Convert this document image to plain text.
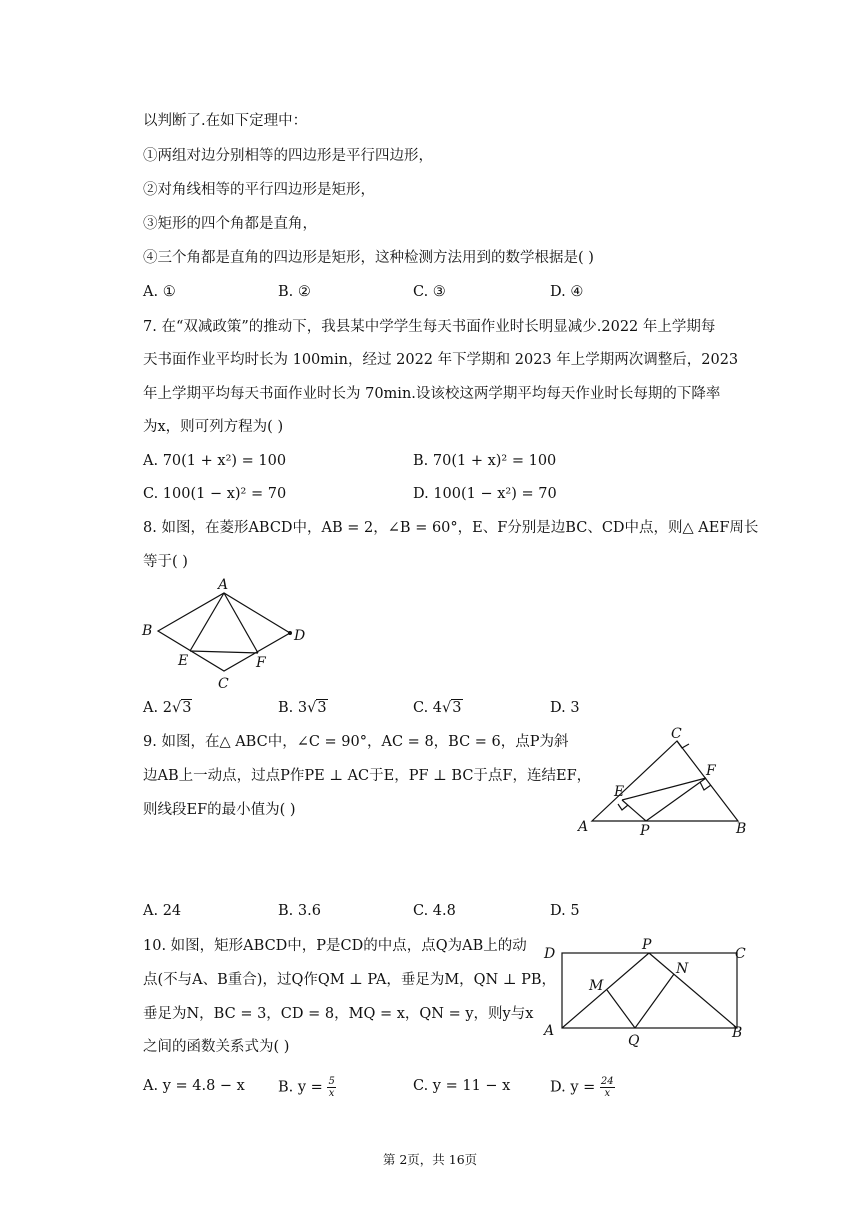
以判断了.在如下定理中：
①两组对边分别相等的四边形是平行四边形，
②对角线相等的平行四边形是矩形，
③矩形的四个角都是直角，
④三个角都是直角的四边形是矩形，这种检测方法用到的数学根据是( )
A. ①	B. ②	C. ③	D. ④
7. 在“双减政策”的推动下，我县某中学学生每天书面作业时长明显减少.2022 年上学期每
天书面作业平均时长为 100min，经过 2022 年下学期和 2023 年上学期两次调整后，2023
年上学期平均每天书面作业时长为 70min.设该校这两学期平均每天作业时长每期的下降率
为x，则可列方程为( )
A. 70(1 + x²) = 100	B. 70(1 + x)² = 100
C. 100(1 − x)² = 70	D. 100(1 − x²) = 70
8. 如图，在菱形ABCD中，AB = 2，∠B = 60°，E、F分别是边BC、CD中点，则△ AEF周长
等于( )
A
B
C
D
E	F
A. 2√3	B. 3√3	C. 4√3	D. 3
9. 如图，在△ ABC中，∠C = 90°，AC = 8，BC = 6，点P为斜
边AB上一动点，过点P作PE ⊥ AC于E，PF ⊥ BC于点F，连结EF，
则线段EF的最小值为( )
C
A	B
E
F
P
A. 24	B. 3.6	C. 4.8	D. 5
10. 如图，矩形ABCD中，P是CD的中点，点Q为AB上的动
点(不与A、B重合)，过Q作QM ⊥ PA，垂足为M，QN ⊥ PB，
垂足为N，BC = 3，CD = 8，MQ = x，QN = y，则y与x
之间的函数关系式为( )
D
P
C
M
N
A
Q	B
A. y = 4.8 − x B. $y = \frac{5}{x}$	C. y = 11 − x	D. $y = \frac{24}{x}$
第 2页，共 16页
